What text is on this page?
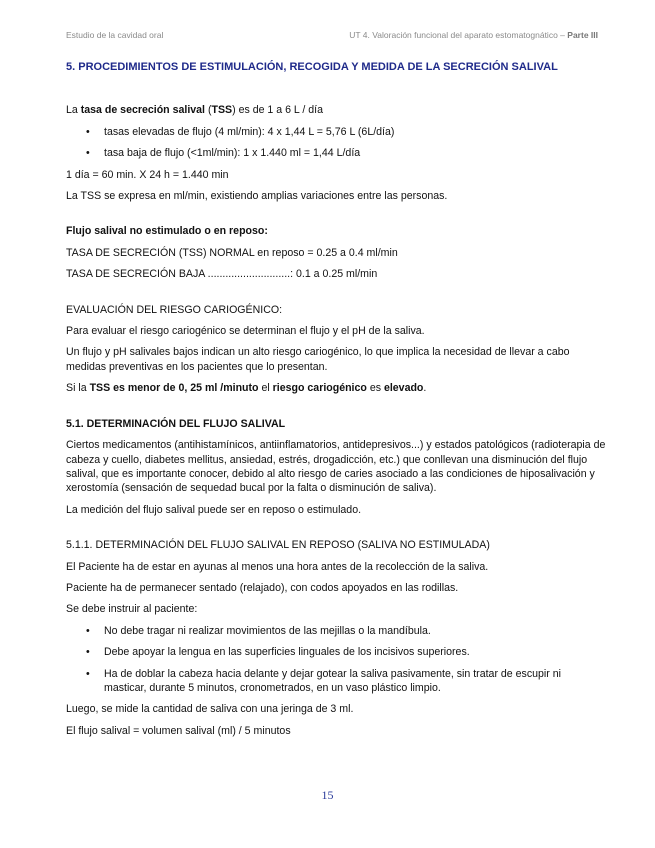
Estudio de la cavidad oral	UT 4. Valoración funcional del aparato estomatognático – Parte III
5. PROCEDIMIENTOS DE ESTIMULACIÓN, RECOGIDA Y MEDIDA DE LA SECRECIÓN SALIVAL

La tasa de secreción salival (TSS) es de 1 a 6 L / día

• tasas elevadas de flujo (4 ml/min): 4 x 1,44 L = 5,76 L (6L/día)
• tasa baja de flujo (<1ml/min): 1 x 1.440 ml = 1,44 L/día

1 día = 60 min. X 24 h = 1.440 min

La TSS se expresa en ml/min, existiendo amplias variaciones entre las personas.

Flujo salival no estimulado o en reposo:

TASA DE SECRECIÓN (TSS) NORMAL en reposo = 0.25 a 0.4 ml/min

TASA DE SECRECIÓN BAJA ............................: 0.1 a 0.25 ml/min

EVALUACIÓN DEL RIESGO CARIOGÉNICO:

Para evaluar el riesgo cariogénico se determinan el flujo y el pH de la saliva.

Un flujo y pH salivales bajos indican un alto riesgo cariogénico, lo que implica la necesidad de llevar a cabo medidas preventivas en los pacientes que lo presentan.

Si la TSS es menor de 0, 25 ml /minuto el riesgo cariogénico es elevado.

5.1. DETERMINACIÓN DEL FLUJO SALIVAL

Ciertos medicamentos (antihistamínicos, antiinflamatorios, antidepresivos...) y estados patológicos (radioterapia de cabeza y cuello, diabetes mellitus, ansiedad, estrés, drogadicción, etc.) que conllevan una disminución del flujo salival, que es importante conocer, debido al alto riesgo de caries asociado a las condiciones de hiposalivación y xerostomía (sensación de sequedad bucal por la falta o disminución de saliva).

La medición del flujo salival puede ser en reposo o estimulado.

5.1.1. DETERMINACIÓN DEL FLUJO SALIVAL EN REPOSO (SALIVA NO ESTIMULADA)

El Paciente ha de estar en ayunas al menos una hora antes de la recolección de la saliva.

Paciente ha de permanecer sentado (relajado), con codos apoyados en las rodillas.

Se debe instruir al paciente:

• No debe tragar ni realizar movimientos de las mejillas o la mandíbula.
• Debe apoyar la lengua en las superficies linguales de los incisivos superiores.
• Ha de doblar la cabeza hacia delante y dejar gotear la saliva pasivamente, sin tratar de escupir ni masticar, durante 5 minutos, cronometrados, en un vaso plástico limpio.

Luego, se mide la cantidad de saliva con una jeringa de 3 ml.

El flujo salival = volumen salival (ml) / 5 minutos

15
